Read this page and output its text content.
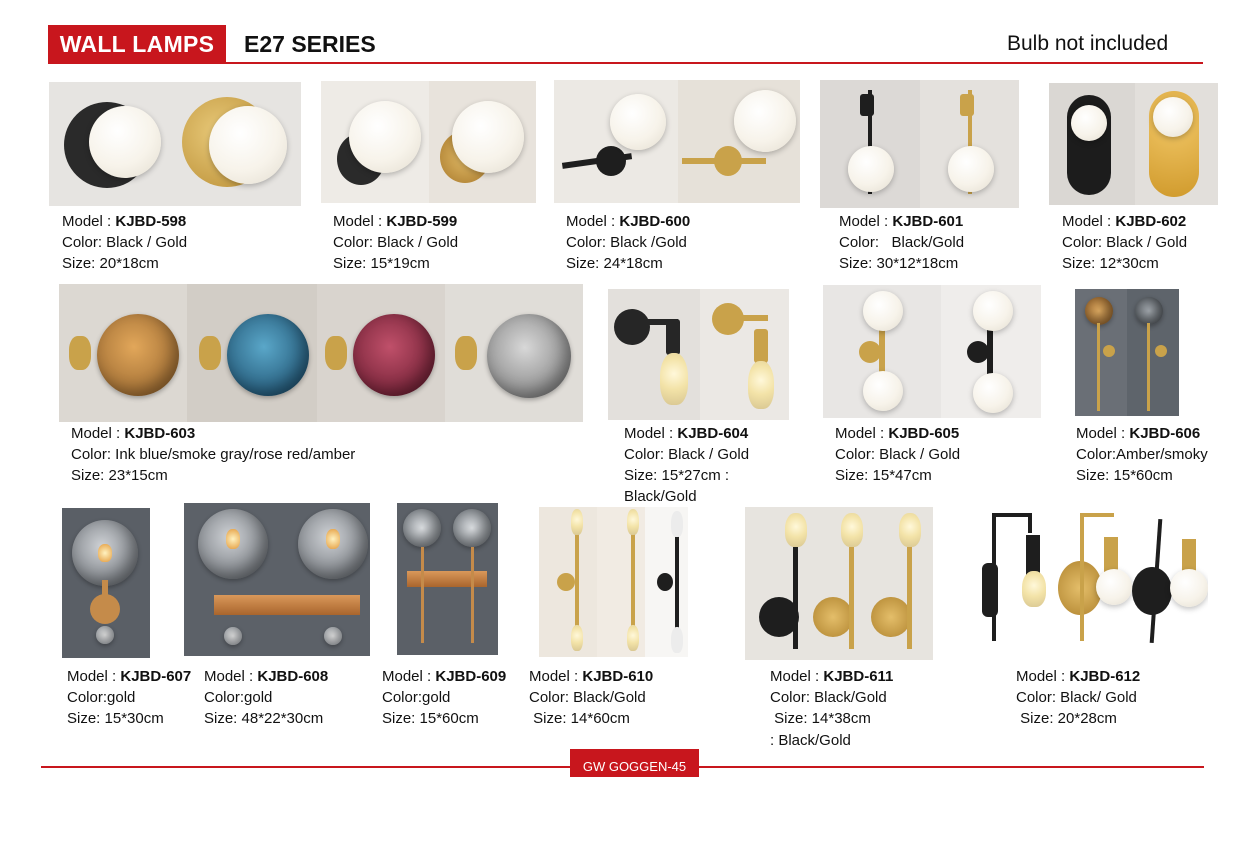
WALL LAMPS	E27 SERIES	Bulb not included
Model : KJBD-598
Color: Black / Gold
Size: 20*18cm
Model : KJBD-599
Color: Black / Gold
Size: 15*19cm
Model : KJBD-600
Color: Black /Gold
Size: 24*18cm
Model : KJBD-601
Color:   Black/Gold
Size: 30*12*18cm
Model : KJBD-602
Color: Black / Gold
Size: 12*30cm
Model : KJBD-603
Color: Ink blue/smoke gray/rose red/amber
Size: 23*15cm
Model : KJBD-604
Color: Black / Gold
Size: 15*27cm :
Black/Gold
Model : KJBD-605
Color: Black / Gold
Size: 15*47cm
Model : KJBD-606
Color:Amber/smoky
Size: 15*60cm
Model : KJBD-607
Color:gold
Size: 15*30cm
Model : KJBD-608
Color:gold
Size: 48*22*30cm
Model : KJBD-609
Color:gold
Size: 15*60cm
Model : KJBD-610
Color: Black/Gold
Size: 14*60cm
Model : KJBD-611
Color: Black/Gold
Size: 14*38cm
: Black/Gold
Model : KJBD-612
Color: Black/ Gold
Size: 20*28cm
GW GOGGEN-45
